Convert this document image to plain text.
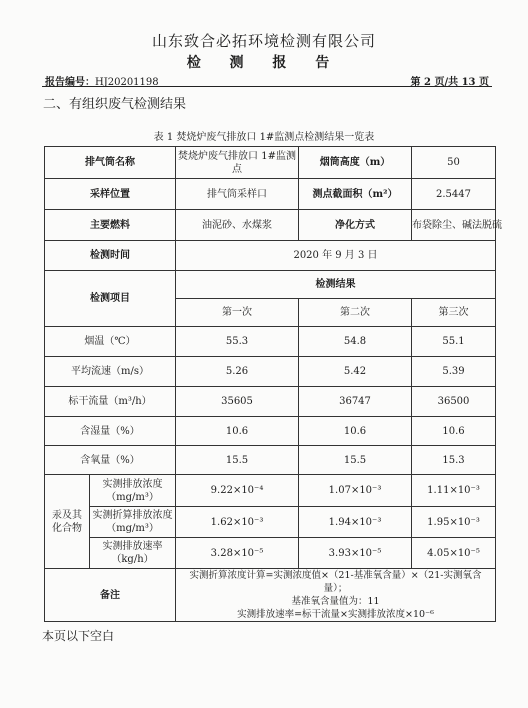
山东致合必拓环境检测有限公司
检 测 报 告
报告编号：HJ20201198	第 2 页/共 13 页
二、有组织废气检测结果
表 1 焚烧炉废气排放口 1#监测点检测结果一览表
排气筒名称		焚烧炉废气排放口 1#监测点	烟筒高度（m）	50
采样位置		排气筒采样口	测点截面积（m²）	2.5447
主要燃料		油泥砂、水煤浆	净化方式	布袋除尘、碱法脱硫
检测时间		2020 年 9 月 3 日		
检测项目		检测结果		
		第一次	第二次	第三次
烟温（℃）		55.3	54.8	55.1
平均流速（m/s）		5.26	5.42	5.39
标干流量（m³/h）		35605	36747	36500
含湿量（%）		10.6	10.6	10.6
含氧量（%）		15.5	15.5	15.3
汞及其化合物	实测排放浓度（mg/m³）	9.22×10⁻⁴	1.07×10⁻³	1.11×10⁻³
	实测折算排放浓度（mg/m³）	1.62×10⁻³	1.94×10⁻³	1.95×10⁻³
	实测排放速率（kg/h）	3.28×10⁻⁵	3.93×10⁻⁵	4.05×10⁻⁵
备注		实测折算浓度计算=实测浓度值×（21-基准氧含量）×（21-实测氧含量）；
基准氧含量值为：11
实测排放速率=标干流量×实测排放浓度×10⁻⁶		
本页以下空白
